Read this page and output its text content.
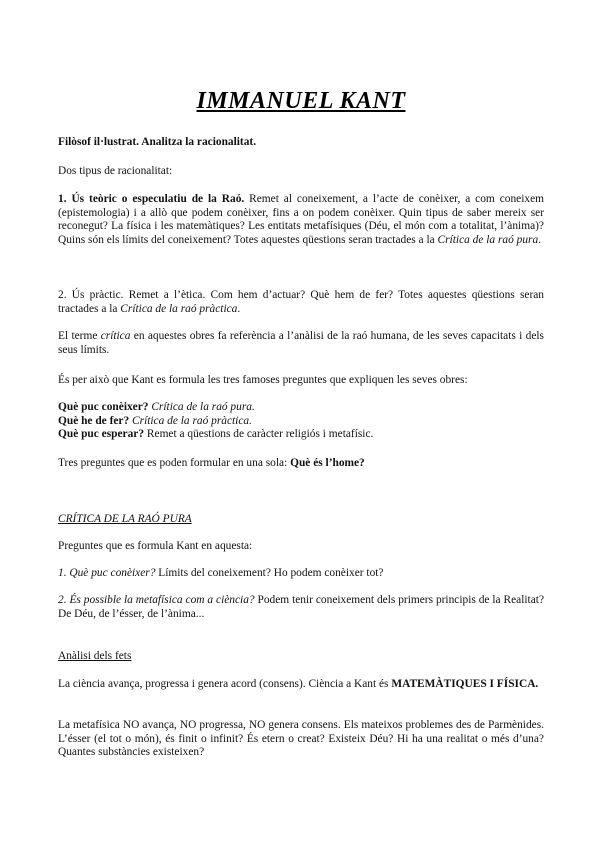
IMMANUEL KANT
Filòsof il·lustrat. Analitza la racionalitat.
Dos tipus de racionalitat:
1. Ús teòric o especulatiu de la Raó. Remet al coneixement, a l’acte de conèixer, a com coneixem (epistemologia) i a allò que podem conèixer, fins a on podem conèixer. Quin tipus de saber mereix ser reconegut? La física i les matemàtiques? Les entitats metafísiques (Déu, el món com a totalitat, l’ànima)? Quins són els límits del coneixement? Totes aquestes qüestions seran tractades a la Crítica de la raó pura.
2. Ús pràctic. Remet a l’ètica. Com hem d’actuar? Què hem de fer? Totes aquestes qüestions seran tractades a la Crítica de la raó pràctica.
El terme crítica en aquestes obres fa referència a l’anàlisi de la raó humana, de les seves capacitats i dels seus límits.
És per això que Kant es formula les tres famoses preguntes que expliquen les seves obres:
Què puc conèixer? Crítica de la raó pura.
Què he de fer? Crítica de la raó pràctica.
Què puc esperar? Remet a qüestions de caràcter religiós i metafísic.
Tres preguntes que es poden formular en una sola: Què és l’home?
CRÍTICA DE LA RAÓ PURA
Preguntes que es formula Kant en aquesta:
1. Què puc conèixer? Límits del coneixement? Ho podem conèixer tot?
2. És possible la metafísica com a ciència? Podem tenir coneixement dels primers principis de la Realitat? De Déu, de l’ésser, de l’ànima...
Anàlisi dels fets
La ciència avança, progressa i genera acord (consens). Ciència a Kant és MATEMÀTIQUES I FÍSICA.
La metafísica NO avança, NO progressa, NO genera consens. Els mateixos problemes des de Parmènides. L’ésser (el tot o món), és finit o infinit? És etern o creat? Existeix Déu? Hi ha una realitat o més d’una? Quantes substàncies existeixen?
